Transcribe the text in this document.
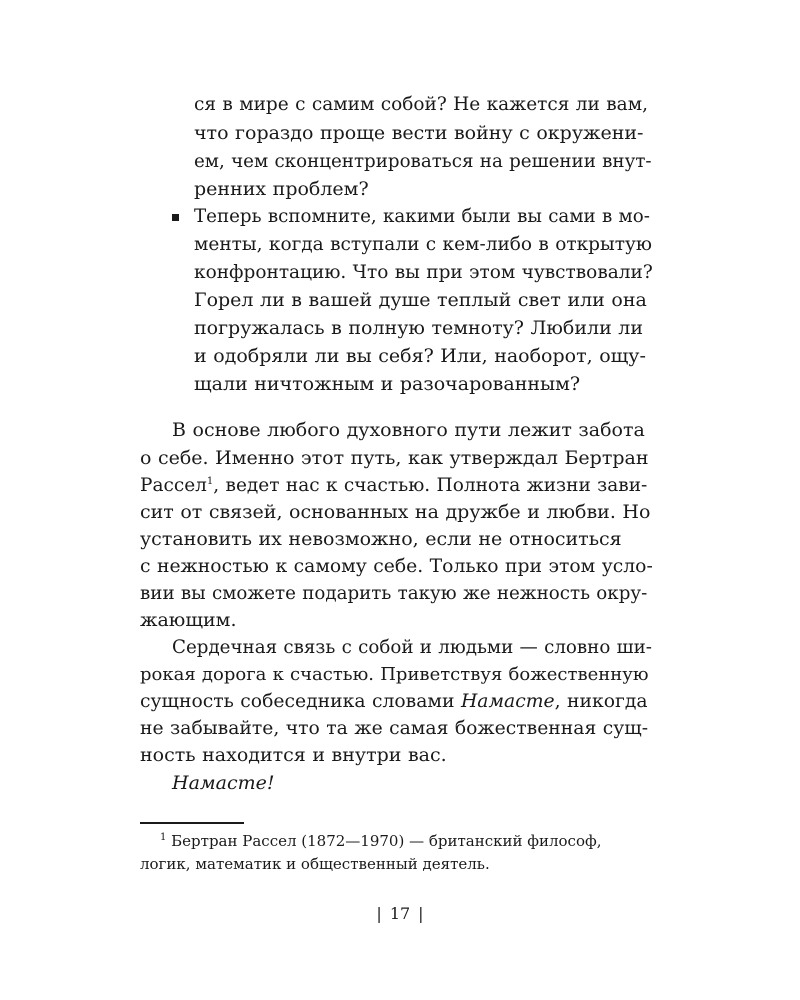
ся в мире с самим собой? Не кажется ли вам,
что гораздо проще вести войну с окружени-
ем, чем сконцентрироваться на решении внут-
ренних проблем?
Теперь вспомните, какими были вы сами в мо-
менты, когда вступали с кем-либо в открытую
конфронтацию. Что вы при этом чувствовали?
Горел ли в вашей душе теплый свет или она
погружалась в полную темноту? Любили ли
и одобряли ли вы себя? Или, наоборот, ощу-
щали ничтожным и разочарованным?
В основе любого духовного пути лежит забота
о себе. Именно этот путь, как утверждал Бертран
Рассел$^1$, ведет нас к счастью. Полнота жизни зави-
сит от связей, основанных на дружбе и любви. Но
установить их невозможно, если не относиться
с нежностью к самому себе. Только при этом усло-
вии вы сможете подарить такую же нежность окру-
жающим.
Сердечная связь с собой и людьми — словно ши-
рокая дорога к счастью. Приветствуя божественную
сущность собеседника словами Намасте, никогда
не забывайте, что та же самая божественная сущ-
ность находится и внутри вас.
Намасте!
$^1$ Бертран Рассел (1872—1970) — британский философ,
логик, математик и общественный деятель.
| 17 |
